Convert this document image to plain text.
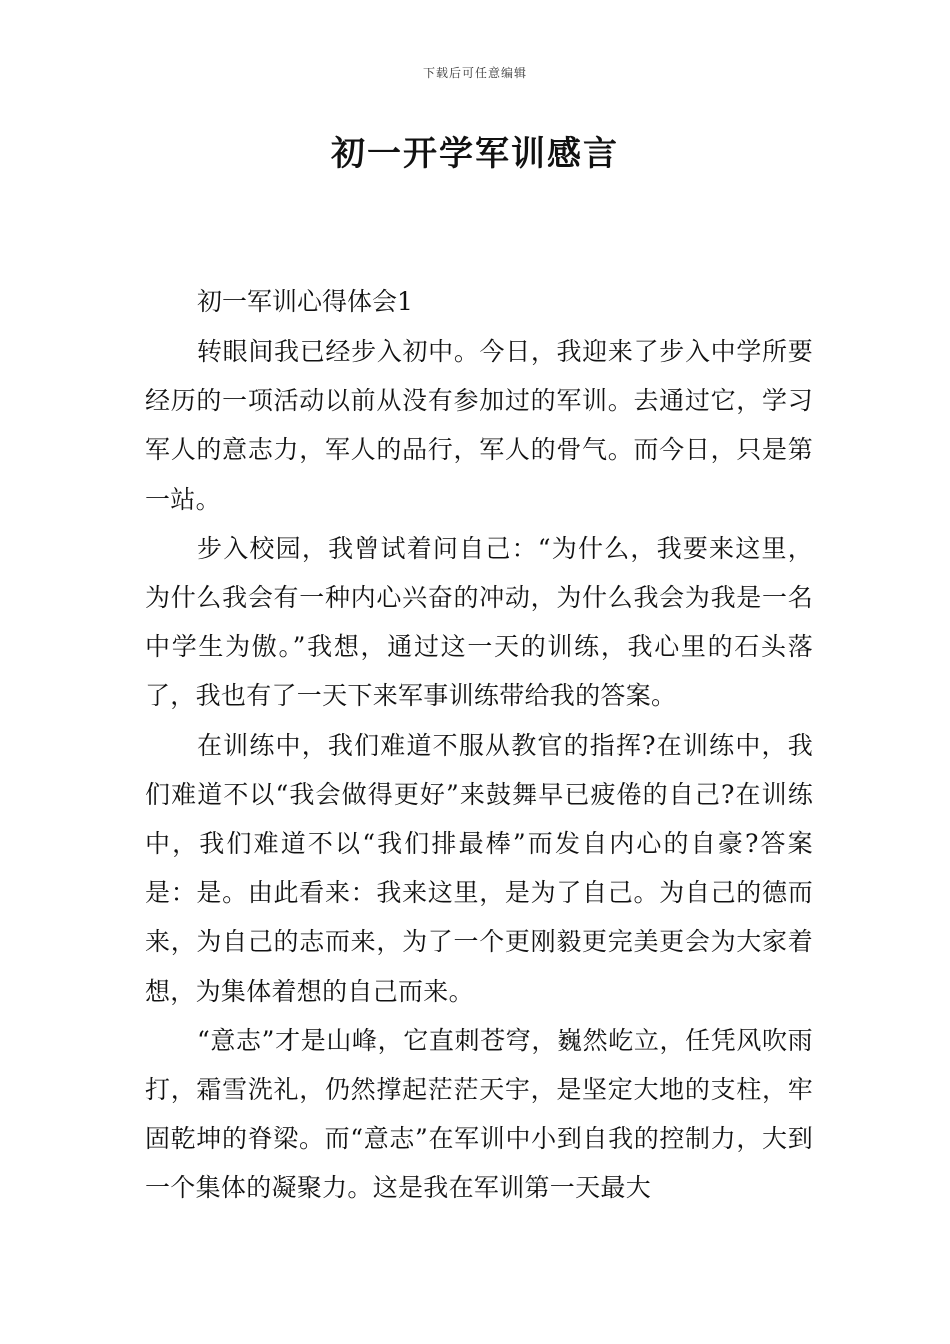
下载后可任意编辑
初一开学军训感言
初一军训心得体会1

转眼间我已经步入初中。今日，我迎来了步入中学所要经历的一项活动以前从没有参加过的军训。去通过它，学习军人的意志力，军人的品行，军人的骨气。而今日，只是第一站。

步入校园，我曾试着问自己：“为什么，我要来这里，为什么我会有一种内心兴奋的冲动，为什么我会为我是一名中学生为傲。”我想，通过这一天的训练，我心里的石头落了，我也有了一天下来军事训练带给我的答案。

在训练中，我们难道不服从教官的指挥?在训练中，我们难道不以“我会做得更好”来鼓舞早已疲倦的自己?在训练中，我们难道不以“我们排最棒”而发自内心的自豪?答案是：是。由此看来：我来这里，是为了自己。为自己的德而来，为自己的志而来，为了一个更刚毅更完美更会为大家着想，为集体着想的自己而来。

“意志”才是山峰，它直刺苍穹，巍然屹立，任凭风吹雨打，霜雪洗礼，仍然撑起茫茫天宇，是坚定大地的支柱，牢固乾坤的脊梁。而“意志”在军训中小到自我的控制力，大到一个集体的凝聚力。这是我在军训第一天最大
